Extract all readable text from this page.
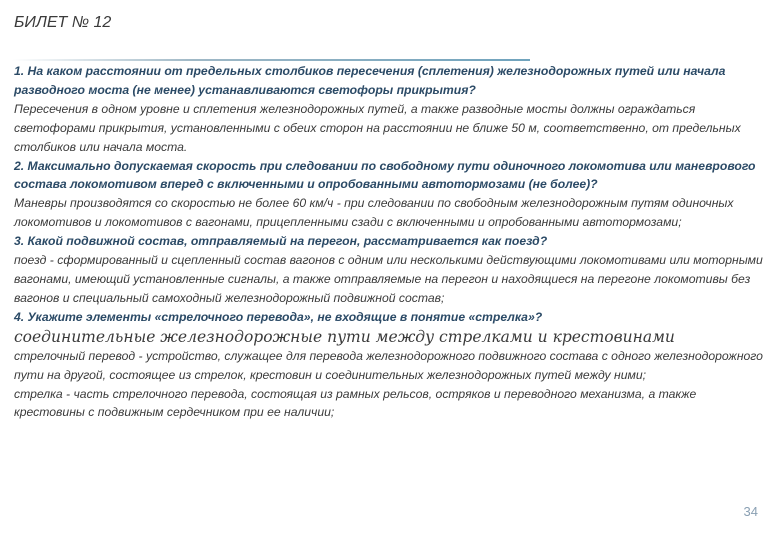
БИЛЕТ № 12

1. На каком расстоянии от предельных столбиков пересечения (сплетения) железнодорожных путей или начала разводного моста (не менее) устанавливаются светофоры прикрытия?

Пересечения в одном уровне и сплетения железнодорожных путей, а также разводные мосты должны ограждаться светофорами прикрытия, установленными с обеих сторон на расстоянии не ближе 50 м, соответственно, от предельных столбиков или начала моста.

2. Максимально допускаемая скорость при следовании по свободному пути одиночного локомотива или маневрового состава локомотивом вперед с включенными и опробованными автотормозами (не более)?

Маневры производятся со скоростью не более 60 км/ч - при следовании по свободным железнодорожным путям одиночных локомотивов и локомотивов с вагонами, прицепленными сзади с включенными и опробованными автотормозами;

3. Какой подвижной состав, отправляемый на перегон, рассматривается как поезд?

поезд - сформированный и сцепленный состав вагонов с одним или несколькими действующими локомотивами или моторными вагонами, имеющий установленные сигналы, а также отправляемые на перегон и находящиеся на перегоне локомотивы без вагонов и специальный самоходный железнодорожный подвижной состав;

4. Укажите элементы «стрелочного перевода», не входящие в понятие «стрелка»?

соединительные железнодорожные пути между стрелками и крестовинами

стрелочный перевод - устройство, служащее для перевода железнодорожного подвижного состава с одного железнодорожного пути на другой, состоящее из стрелок, крестовин и соединительных железнодорожных путей между ними;

стрелка - часть стрелочного перевода, состоящая из рамных рельсов, остряков и переводного механизма, а также крестовины с подвижным сердечником при ее наличии;

34
